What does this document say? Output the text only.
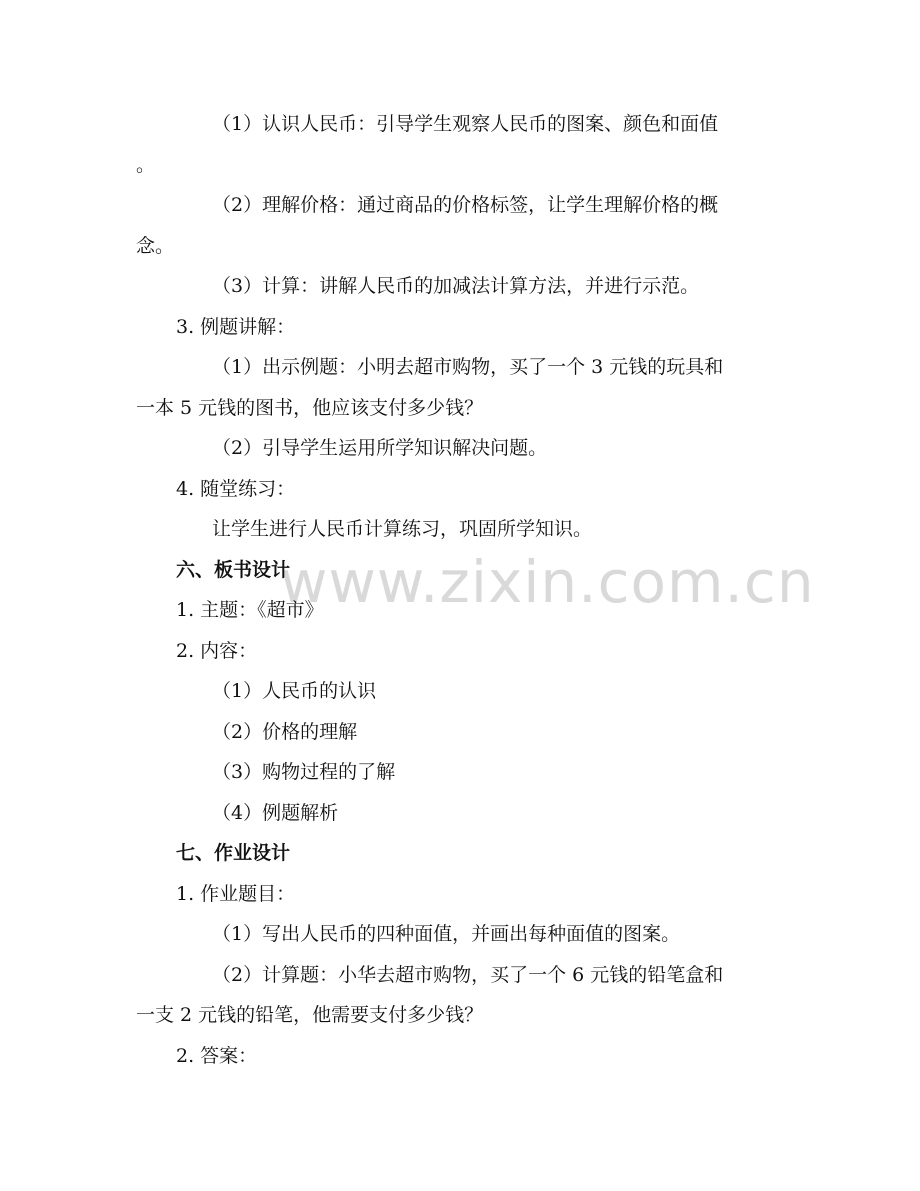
www.zixin.com.cn
（1）认识人民币：引导学生观察人民币的图案、颜色和面值
。
（2）理解价格：通过商品的价格标签，让学生理解价格的概
念。
（3）计算：讲解人民币的加减法计算方法，并进行示范。
3. 例题讲解：
（1）出示例题：小明去超市购物，买了一个 3 元钱的玩具和
一本 5 元钱的图书，他应该支付多少钱？
（2）引导学生运用所学知识解决问题。
4. 随堂练习：
让学生进行人民币计算练习，巩固所学知识。
六、板书设计
1. 主题：《超市》
2. 内容：
（1）人民币的认识
（2）价格的理解
（3）购物过程的了解
（4）例题解析
七、作业设计
1. 作业题目：
（1）写出人民币的四种面值，并画出每种面值的图案。
（2）计算题：小华去超市购物，买了一个 6 元钱的铅笔盒和
一支 2 元钱的铅笔，他需要支付多少钱？
2. 答案：
